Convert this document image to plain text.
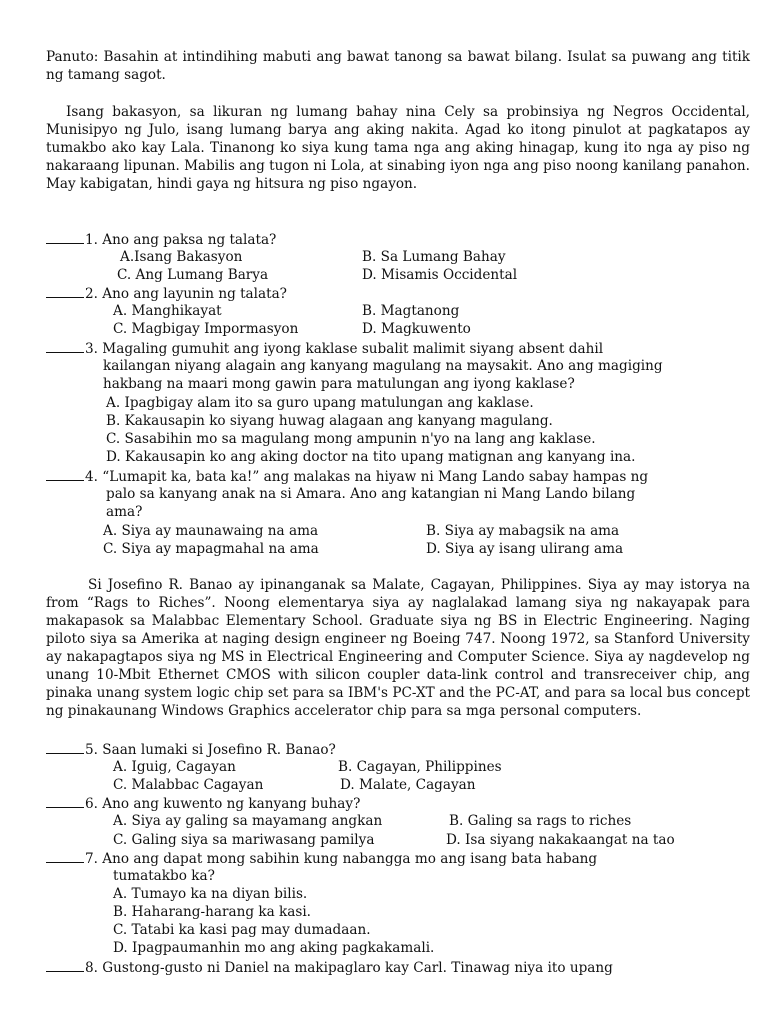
Panuto: Basahin at intindihing mabuti ang bawat tanong sa bawat bilang. Isulat sa puwang ang titik ng tamang sagot.
Isang bakasyon, sa likuran ng lumang bahay nina Cely sa probinsiya ng Negros Occidental, Munisipyo ng Julo, isang lumang barya ang aking nakita. Agad ko itong pinulot at pagkatapos ay tumakbo ako kay Lala. Tinanong ko siya kung tama nga ang aking hinagap, kung ito nga ay piso ng nakaraang lipunan. Mabilis ang tugon ni Lola, at sinabing iyon nga ang piso noong kanilang panahon. May kabigatan, hindi gaya ng hitsura ng piso ngayon.
1. Ano ang paksa ng talata?
A.Isang Bakasyon	B. Sa Lumang Bahay
C. Ang Lumang Barya	D. Misamis Occidental
2. Ano ang layunin ng talata?
A. Manghikayat	B. Magtanong
C. Magbigay Impormasyon	D. Magkuwento
3. Magaling gumuhit ang iyong kaklase subalit malimit siyang absent dahil
kailangan niyang alagain ang kanyang magulang na maysakit. Ano ang magiging
hakbang na maari mong gawin para matulungan ang iyong kaklase?
A. Ipagbigay alam ito sa guro upang matulungan ang kaklase.
B. Kakausapin ko siyang huwag alagaan ang kanyang magulang.
C. Sasabihin mo sa magulang mong ampunin n'yo na lang ang kaklase.
D. Kakausapin ko ang aking doctor na tito upang matignan ang kanyang ina.
4. “Lumapit ka, bata ka!” ang malakas na hiyaw ni Mang Lando sabay hampas ng
palo sa kanyang anak na si Amara. Ano ang katangian ni Mang Lando bilang
ama?
A. Siya ay maunawaing na ama	B. Siya ay mabagsik na ama
C. Siya ay mapagmahal na ama	D. Siya ay isang ulirang ama
Si Josefino R. Banao ay ipinanganak sa Malate, Cagayan, Philippines. Siya ay may istorya na from “Rags to Riches”. Noong elementarya siya ay naglalakad lamang siya ng nakayapak para makapasok sa Malabbac Elementary School. Graduate siya ng BS in Electric Engineering. Naging piloto siya sa Amerika at naging design engineer ng Boeing 747. Noong 1972, sa Stanford University ay nakapagtapos siya ng MS in Electrical Engineering and Computer Science. Siya ay nagdevelop ng unang 10-Mbit Ethernet CMOS with silicon coupler data-link control and transreceiver chip, ang pinaka unang system logic chip set para sa IBM's PC-XT and the PC-AT, and para sa local bus concept ng pinakaunang Windows Graphics accelerator chip para sa mga personal computers.
5. Saan lumaki si Josefino R. Banao?
A. Iguig, Cagayan	B. Cagayan, Philippines
C. Malabbac Cagayan	D. Malate, Cagayan
6. Ano ang kuwento ng kanyang buhay?
A. Siya ay galing sa mayamang angkan	B. Galing sa rags to riches
C. Galing siya sa mariwasang pamilya	D. Isa siyang nakakaangat na tao
7. Ano ang dapat mong sabihin kung nabangga mo ang isang bata habang
tumatakbo ka?
A. Tumayo ka na diyan bilis.
B. Haharang-harang ka kasi.
C. Tatabi ka kasi pag may dumadaan.
D. Ipagpaumanhin mo ang aking pagkakamali.
8. Gustong-gusto ni Daniel na makipaglaro kay Carl. Tinawag niya ito upang
